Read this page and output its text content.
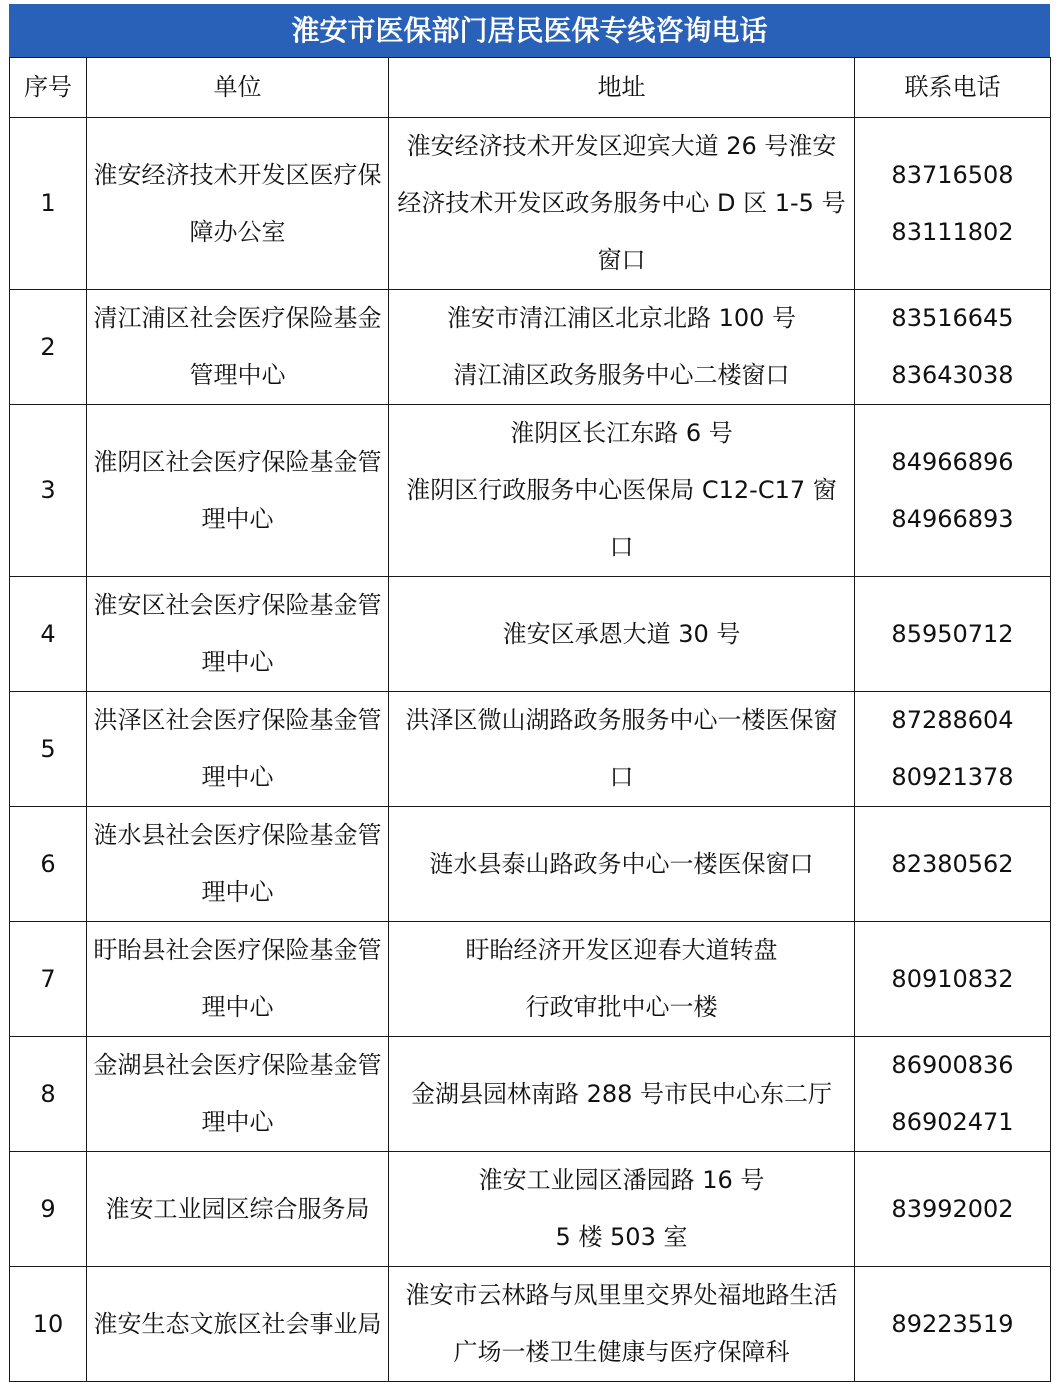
淮安市医保部门居民医保专线咨询电话
序号	单位	地址	联系电话
1	淮安经济技术开发区医疗保障办公室	淮安经济技术开发区迎宾大道 26 号淮安经济技术开发区政务服务中心 D 区 1-5 号窗口	83716508
83111802

2	清江浦区社会医疗保险基金管理中心	淮安市清江浦区北京北路 100 号
清江浦区政务服务中心二楼窗口	83516645
83643038

3	淮阴区社会医疗保险基金管理中心	淮阴区长江东路 6 号
淮阴区行政服务中心医保局 C12-C17 窗口	84966896
84966893

4	淮安区社会医疗保险基金管理中心	淮安区承恩大道 30 号	85950712

5	洪泽区社会医疗保险基金管理中心	洪泽区微山湖路政务服务中心一楼医保窗口	87288604
80921378

6	涟水县社会医疗保险基金管理中心	涟水县泰山路政务中心一楼医保窗口	82380562

7	盱眙县社会医疗保险基金管理中心	盱眙经济开发区迎春大道转盘
行政审批中心一楼	80910832

8	金湖县社会医疗保险基金管理中心	金湖县园林南路 288 号市民中心东二厅	86900836
86902471

9	淮安工业园区综合服务局	淮安工业园区潘园路 16 号
5 楼 503 室	83992002

10	淮安生态文旅区社会事业局	淮安市云林路与凤里里交界处福地路生活广场一楼卫生健康与医疗保障科	89223519
